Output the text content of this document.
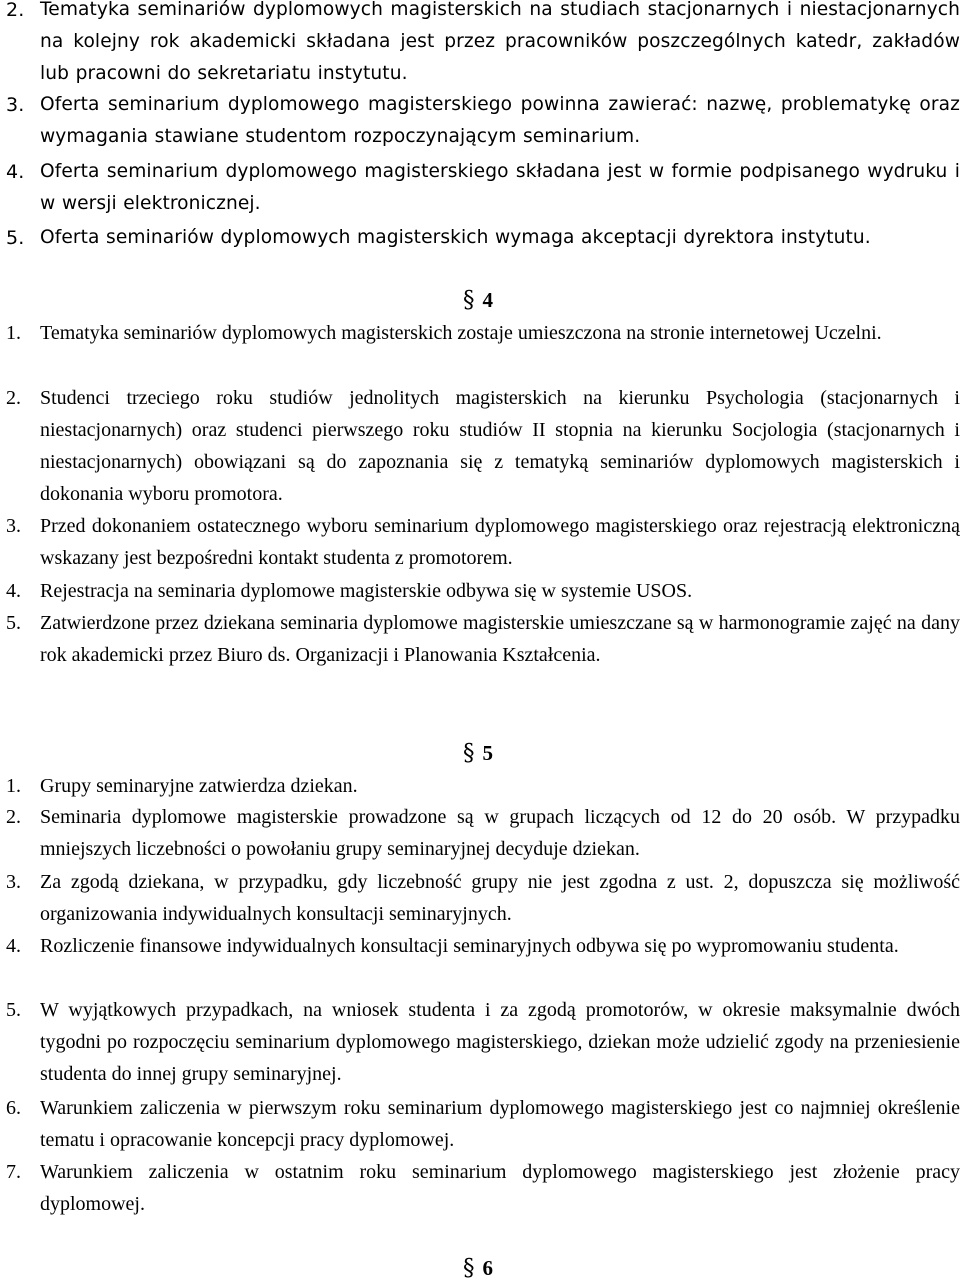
2. Tematyka seminariów dyplomowych magisterskich na studiach stacjonarnych i niestacjonarnych na kolejny rok akademicki składana jest przez pracowników poszczególnych katedr, zakładów lub pracowni do sekretariatu instytutu.
3. Oferta seminarium dyplomowego magisterskiego powinna zawierać: nazwę, problematykę oraz wymagania stawiane studentom rozpoczynającym seminarium.
4. Oferta seminarium dyplomowego magisterskiego składana jest w formie podpisanego wydruku i w wersji elektronicznej.
5. Oferta seminariów dyplomowych magisterskich wymaga akceptacji dyrektora instytutu.
§ 4
1. Tematyka seminariów dyplomowych magisterskich zostaje umieszczona na stronie internetowej Uczelni.
2. Studenci trzeciego roku studiów jednolitych magisterskich na kierunku Psychologia (stacjonarnych i niestacjonarnych) oraz studenci pierwszego roku studiów II stopnia na kierunku Socjologia (stacjonarnych i niestacjonarnych) obowiązani są do zapoznania się z tematyką seminariów dyplomowych magisterskich i dokonania wyboru promotora.
3. Przed dokonaniem ostatecznego wyboru seminarium dyplomowego magisterskiego oraz rejestracją elektroniczną wskazany jest bezpośredni kontakt studenta z promotorem.
4. Rejestracja na seminaria dyplomowe magisterskie odbywa się w systemie USOS.
5. Zatwierdzone przez dziekana seminaria dyplomowe magisterskie umieszczane są w harmonogramie zajęć na dany rok akademicki przez Biuro ds. Organizacji i Planowania Kształcenia.
§ 5
1. Grupy seminaryjne zatwierdza dziekan.
2. Seminaria dyplomowe magisterskie prowadzone są w grupach liczących od 12 do 20 osób. W przypadku mniejszych liczebności o powołaniu grupy seminaryjnej decyduje dziekan.
3. Za zgodą dziekana, w przypadku, gdy liczebność grupy nie jest zgodna z ust. 2, dopuszcza się możliwość organizowania indywidualnych konsultacji seminaryjnych.
4. Rozliczenie finansowe indywidualnych konsultacji seminaryjnych odbywa się po wypromowaniu studenta.
5. W wyjątkowych przypadkach, na wniosek studenta i za zgodą promotorów, w okresie maksymalnie dwóch tygodni po rozpoczęciu seminarium dyplomowego magisterskiego, dziekan może udzielić zgody na przeniesienie studenta do innej grupy seminaryjnej.
6. Warunkiem zaliczenia w pierwszym roku seminarium dyplomowego magisterskiego jest co najmniej określenie tematu i opracowanie koncepcji pracy dyplomowej.
7. Warunkiem zaliczenia w ostatnim roku seminarium dyplomowego magisterskiego jest złożenie pracy dyplomowej.
§ 6
